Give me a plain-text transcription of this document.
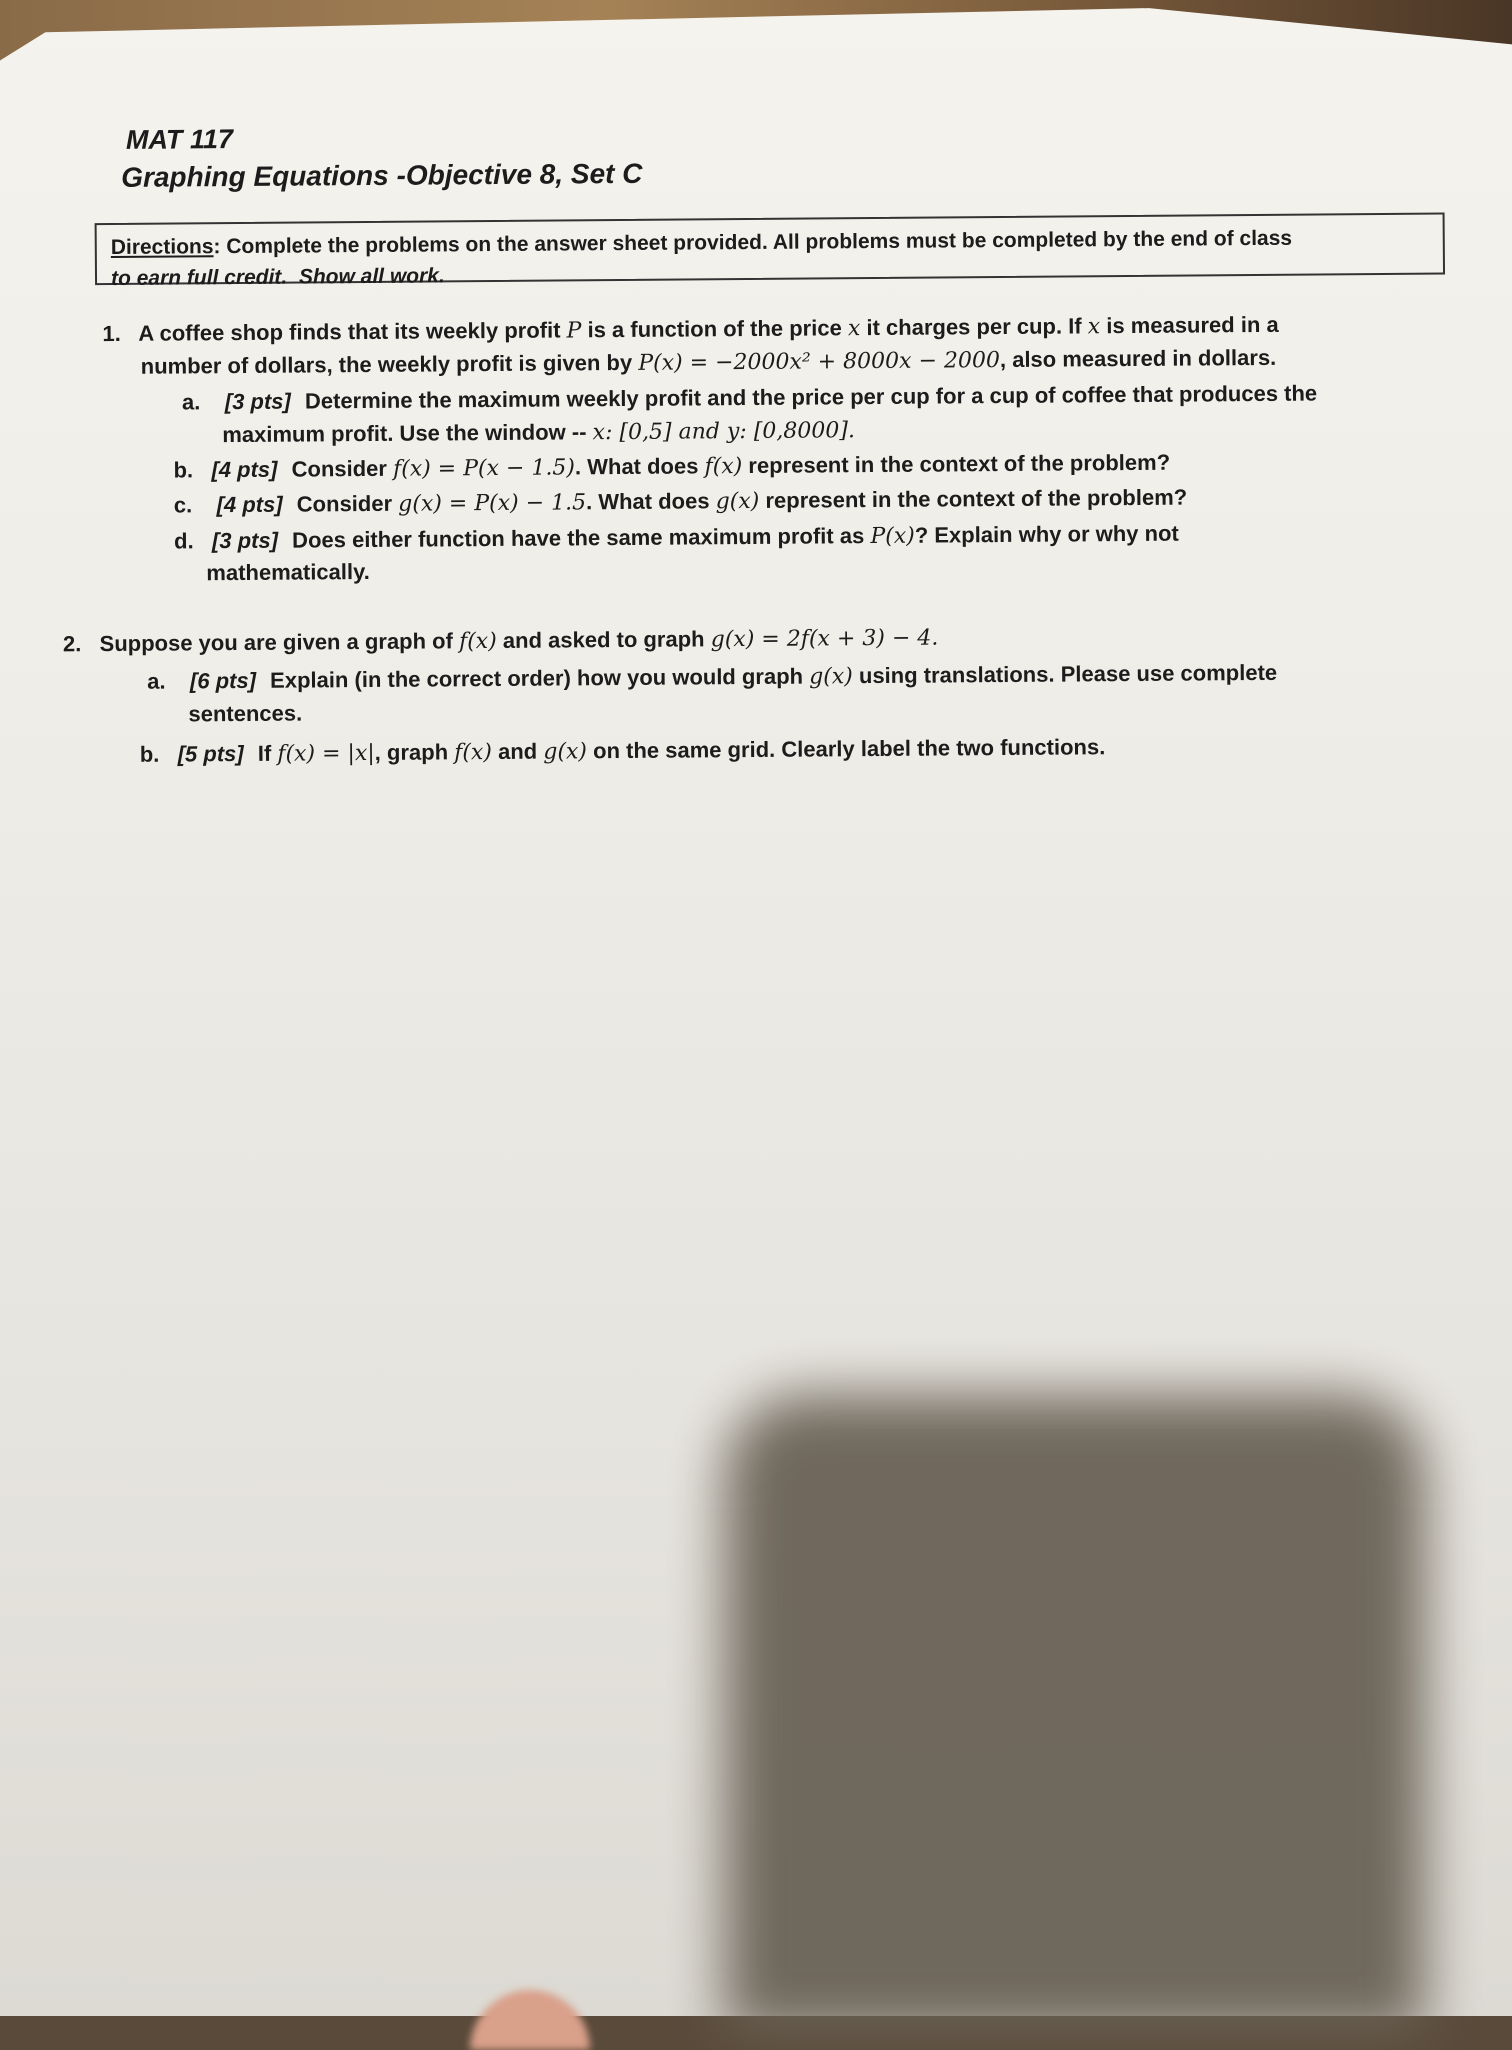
MAT 117
Graphing Equations -Objective 8, Set C
Directions: Complete the problems on the answer sheet provided. All problems must be completed by the end of class
to earn full credit. Show all work.
1. A coffee shop finds that its weekly profit P is a function of the price x it charges per cup. If x is measured in a
number of dollars, the weekly profit is given by P(x) = −2000x² + 8000x − 2000, also measured in dollars.
a. [3 pts] Determine the maximum weekly profit and the price per cup for a cup of coffee that produces the
maximum profit. Use the window -- x: [0,5] and y: [0,8000].
b. [4 pts] Consider f(x) = P(x − 1.5). What does f(x) represent in the context of the problem?
c. [4 pts] Consider g(x) = P(x) − 1.5. What does g(x) represent in the context of the problem?
d. [3 pts] Does either function have the same maximum profit as P(x)? Explain why or why not
mathematically.
2. Suppose you are given a graph of f(x) and asked to graph g(x) = 2f(x + 3) − 4.
a. [6 pts] Explain (in the correct order) how you would graph g(x) using translations. Please use complete
sentences.
b. [5 pts] If f(x) = |x|, graph f(x) and g(x) on the same grid. Clearly label the two functions.
